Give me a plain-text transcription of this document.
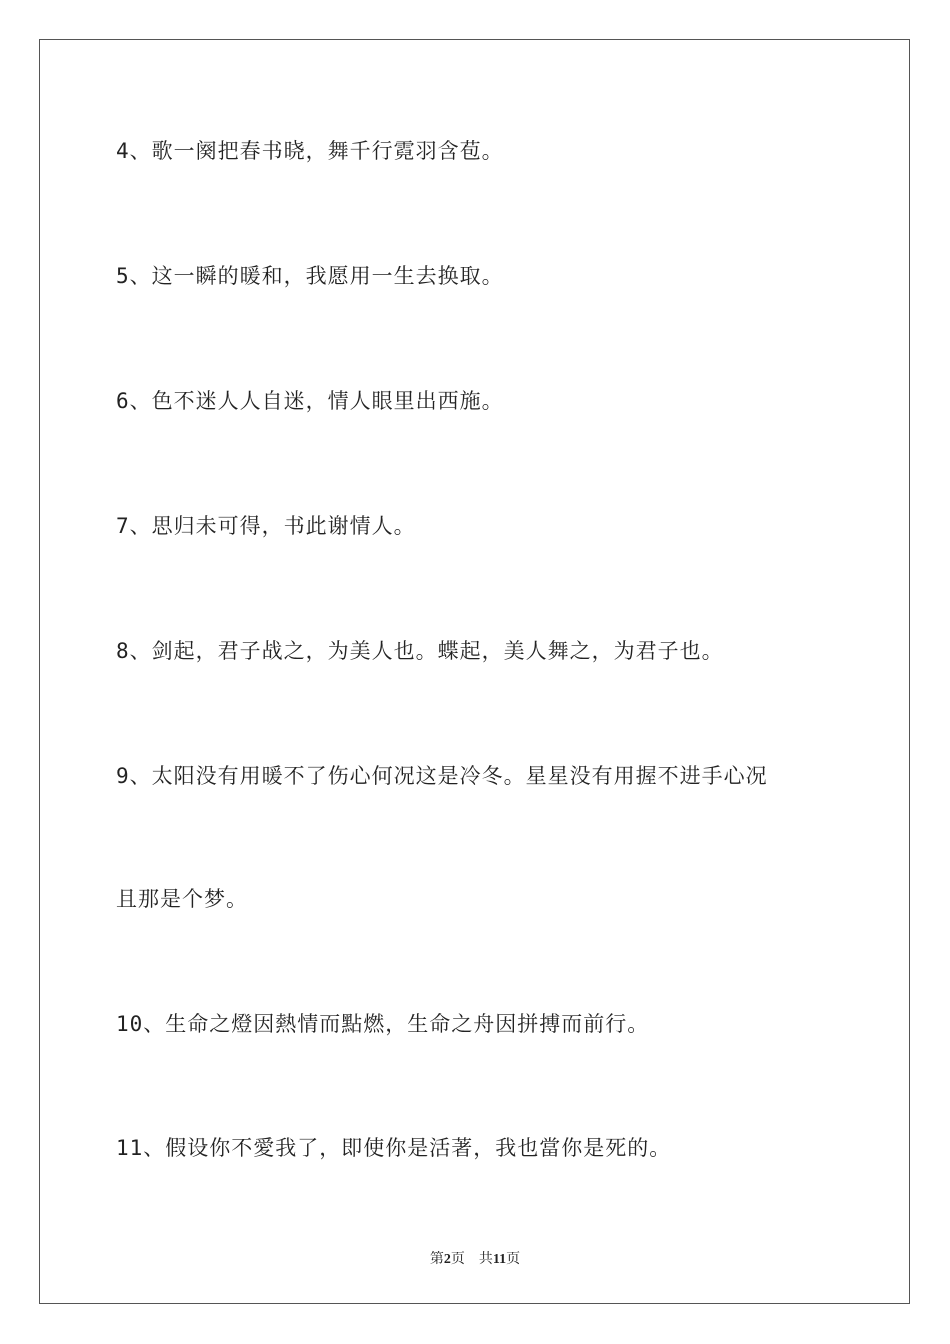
4、歌一阕把春书晓，舞千行霓羽含苞。
5、这一瞬的暖和，我愿用一生去换取。
6、色不迷人人自迷，情人眼里出西施。
7、思归未可得，书此谢情人。
8、剑起，君子战之，为美人也。蝶起，美人舞之，为君子也。
9、太阳没有用暖不了伤心何况这是冷冬。星星没有用握不进手心况
且那是个梦。
10、生命之燈因熱情而點燃，生命之舟因拼搏而前行。
11、假设你不愛我了，即使你是活著，我也當你是死的。
第2页 共11页
